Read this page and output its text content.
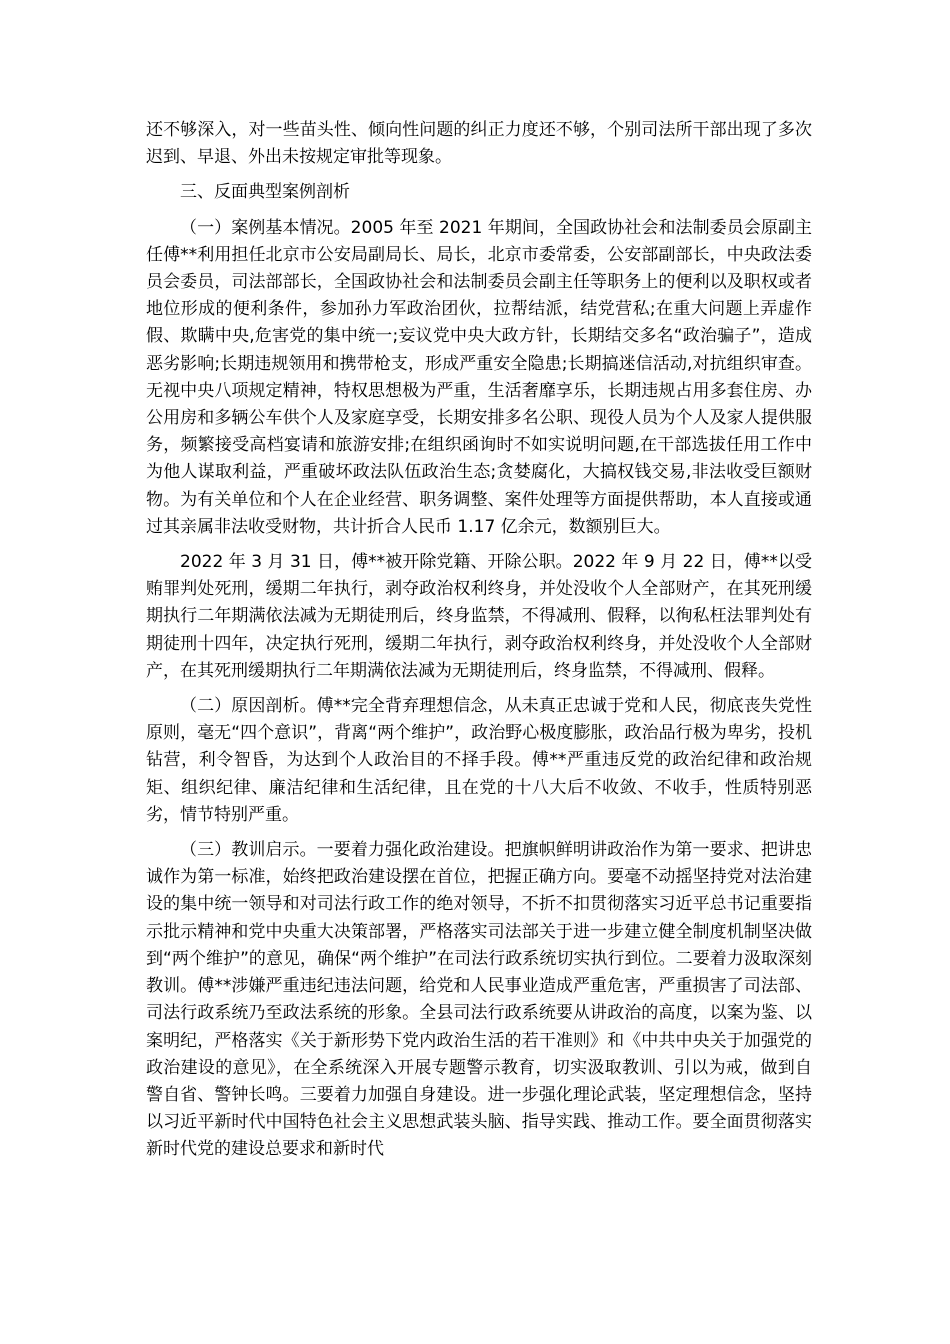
还不够深入，对一些苗头性、倾向性问题的纠正力度还不够，个别司法所干部出现了多次迟到、早退、外出未按规定审批等现象。

三、反面典型案例剖析

（一）案例基本情况。2005 年至 2021 年期间，全国政协社会和法制委员会原副主任傅**利用担任北京市公安局副局长、局长，北京市委常委，公安部副部长，中央政法委员会委员，司法部部长，全国政协社会和法制委员会副主任等职务上的便利以及职权或者地位形成的便利条件，参加孙力军政治团伙，拉帮结派，结党营私;在重大问题上弄虚作假、欺瞒中央,危害党的集中统一;妄议党中央大政方针，长期结交多名“政治骗子”，造成恶劣影响;长期违规领用和携带枪支，形成严重安全隐患;长期搞迷信活动,对抗组织审查。无视中央八项规定精神，特权思想极为严重，生活奢靡享乐，长期违规占用多套住房、办公用房和多辆公车供个人及家庭享受，长期安排多名公职、现役人员为个人及家人提供服务，频繁接受高档宴请和旅游安排;在组织函询时不如实说明问题,在干部选拔任用工作中为他人谋取利益，严重破坏政法队伍政治生态;贪婪腐化，大搞权钱交易,非法收受巨额财物。为有关单位和个人在企业经营、职务调整、案件处理等方面提供帮助，本人直接或通过其亲属非法收受财物，共计折合人民币 1.17 亿余元，数额别巨大。

2022 年 3 月 31 日，傅**被开除党籍、开除公职。2022 年 9 月 22 日，傅**以受贿罪判处死刑，缓期二年执行，剥夺政治权利终身，并处没收个人全部财产，在其死刑缓期执行二年期满依法减为无期徒刑后，终身监禁，不得减刑、假释，以徇私枉法罪判处有期徒刑十四年，决定执行死刑，缓期二年执行，剥夺政治权利终身，并处没收个人全部财产，在其死刑缓期执行二年期满依法减为无期徒刑后，终身监禁，不得减刑、假释。

（二）原因剖析。傅**完全背弃理想信念，从未真正忠诚于党和人民，彻底丧失党性原则，毫无“四个意识”，背离“两个维护”，政治野心极度膨胀，政治品行极为卑劣，投机钻营，利令智昏，为达到个人政治目的不择手段。傅**严重违反党的政治纪律和政治规矩、组织纪律、廉洁纪律和生活纪律，且在党的十八大后不收敛、不收手，性质特别恶劣，情节特别严重。

（三）教训启示。一要着力强化政治建设。把旗帜鲜明讲政治作为第一要求、把讲忠诚作为第一标准，始终把政治建设摆在首位，把握正确方向。要毫不动摇坚持党对法治建设的集中统一领导和对司法行政工作的绝对领导，不折不扣贯彻落实习近平总书记重要指示批示精神和党中央重大决策部署，严格落实司法部关于进一步建立健全制度机制坚决做到“两个维护”的意见，确保“两个维护”在司法行政系统切实执行到位。二要着力汲取深刻教训。傅**涉嫌严重违纪违法问题，给党和人民事业造成严重危害，严重损害了司法部、司法行政系统乃至政法系统的形象。全县司法行政系统要从讲政治的高度，以案为鉴、以案明纪，严格落实《关于新形势下党内政治生活的若干准则》和《中共中央关于加强党的政治建设的意见》，在全系统深入开展专题警示教育，切实汲取教训、引以为戒，做到自警自省、警钟长鸣。三要着力加强自身建设。进一步强化理论武装，坚定理想信念，坚持以习近平新时代中国特色社会主义思想武装头脑、指导实践、推动工作。要全面贯彻落实新时代党的建设总要求和新时代
